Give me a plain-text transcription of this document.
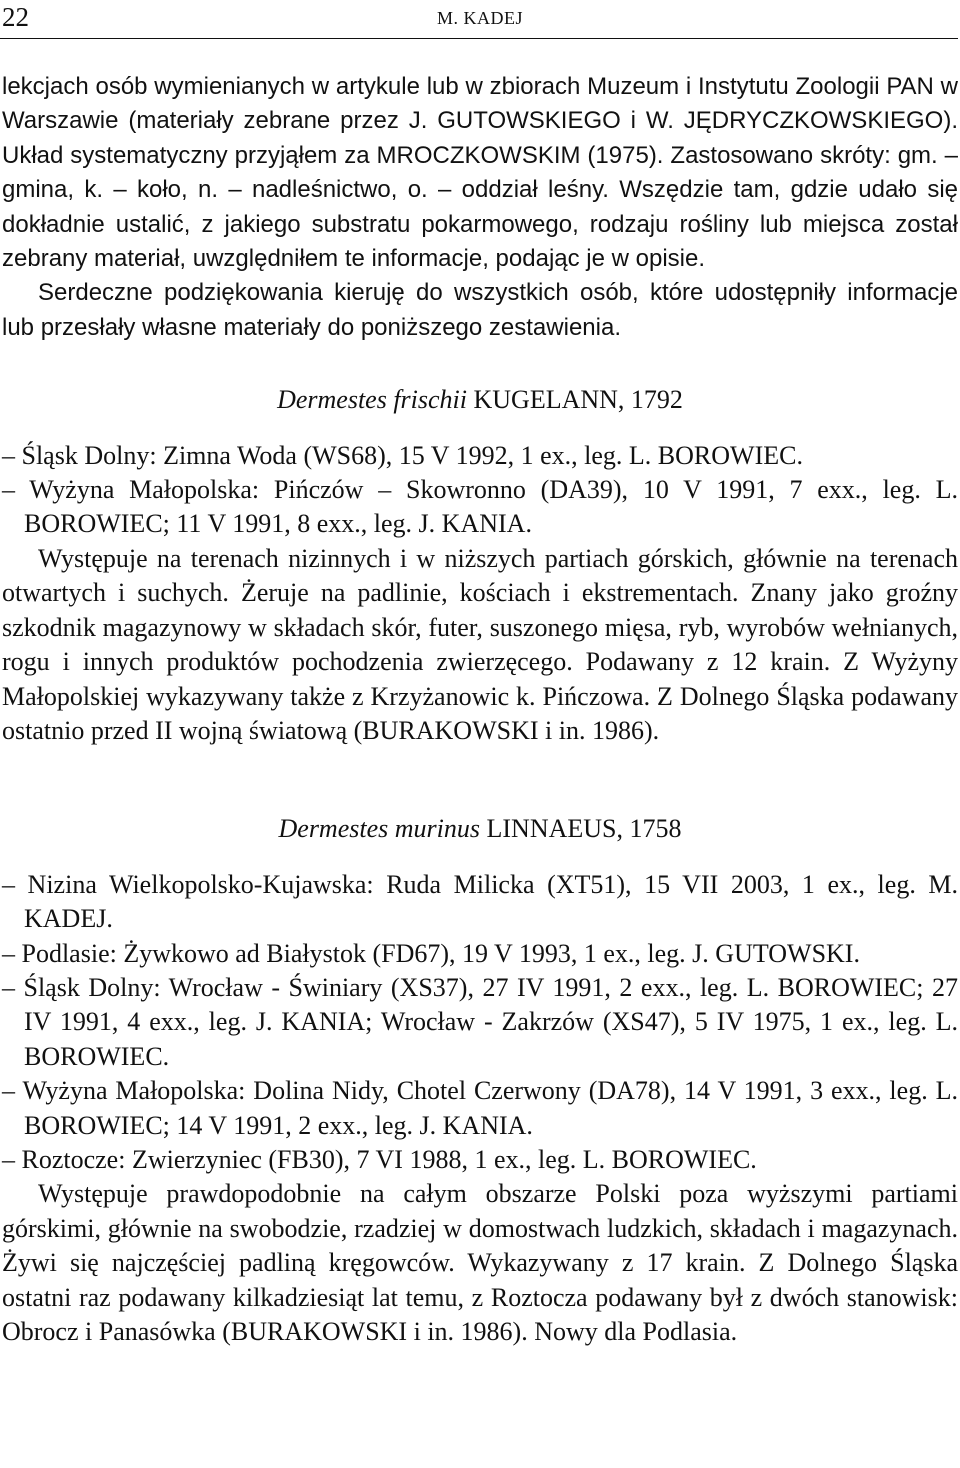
22	M. KADEJ

lekcjach osób wymienianych w artykule lub w zbiorach Muzeum i Instytutu Zoologii PAN w Warszawie (materiały zebrane przez J. GUTOWSKIEGO i W. JĘDRYCZKOWSKIEGO). Układ systematyczny przyjąłem za MROCZKOWSKIM (1975). Zastosowano skróty: gm. – gmina, k. – koło, n. – nadleśnictwo, o. – oddział leśny. Wszędzie tam, gdzie udało się dokładnie ustalić, z jakiego substratu pokarmowego, rodzaju rośliny lub miejsca został zebrany materiał, uwzględniłem te informacje, podając je w opisie.

Serdeczne podziękowania kieruję do wszystkich osób, które udostępniły informacje lub przesłały własne materiały do poniższego zestawienia.

Dermestes frischii KUGELANN, 1792

– Śląsk Dolny: Zimna Woda (WS68), 15 V 1992, 1 ex., leg. L. BOROWIEC.

– Wyżyna Małopolska: Pińczów – Skowronno (DA39), 10 V 1991, 7 exx., leg. L. BOROWIEC; 11 V 1991, 8 exx., leg. J. KANIA.

Występuje na terenach nizinnych i w niższych partiach górskich, głównie na terenach otwartych i suchych. Żeruje na padlinie, kościach i ekstrementach. Znany jako groźny szkodnik magazynowy w składach skór, futer, suszonego mięsa, ryb, wyrobów wełnianych, rogu i innych produktów pochodzenia zwierzęcego. Podawany z 12 krain. Z Wyżyny Małopolskiej wykazywany także z Krzyżanowic k. Pińczowa. Z Dolnego Śląska podawany ostatnio przed II wojną światową (BURAKOWSKI i in. 1986).

Dermestes murinus LINNAEUS, 1758

– Nizina Wielkopolsko-Kujawska: Ruda Milicka (XT51), 15 VII 2003, 1 ex., leg. M. KADEJ.

– Podlasie: Żywkowo ad Białystok (FD67), 19 V 1993, 1 ex., leg. J. GUTOWSKI.

– Śląsk Dolny: Wrocław - Świniary (XS37), 27 IV 1991, 2 exx., leg. L. BOROWIEC; 27 IV 1991, 4 exx., leg. J. KANIA; Wrocław - Zakrzów (XS47), 5 IV 1975, 1 ex., leg. L. BOROWIEC.

– Wyżyna Małopolska: Dolina Nidy, Chotel Czerwony (DA78), 14 V 1991, 3 exx., leg. L. BOROWIEC; 14 V 1991, 2 exx., leg. J. KANIA.

– Roztocze: Zwierzyniec (FB30), 7 VI 1988, 1 ex., leg. L. BOROWIEC.

Występuje prawdopodobnie na całym obszarze Polski poza wyższymi partiami górskimi, głównie na swobodzie, rzadziej w domostwach ludzkich, składach i magazynach. Żywi się najczęściej padliną kręgowców. Wykazywany z 17 krain. Z Dolnego Śląska ostatni raz podawany kilkadziesiąt lat temu, z Roztocza podawany był z dwóch stanowisk: Obrocz i Panasówka (BURAKOWSKI i in. 1986). Nowy dla Podlasia.
